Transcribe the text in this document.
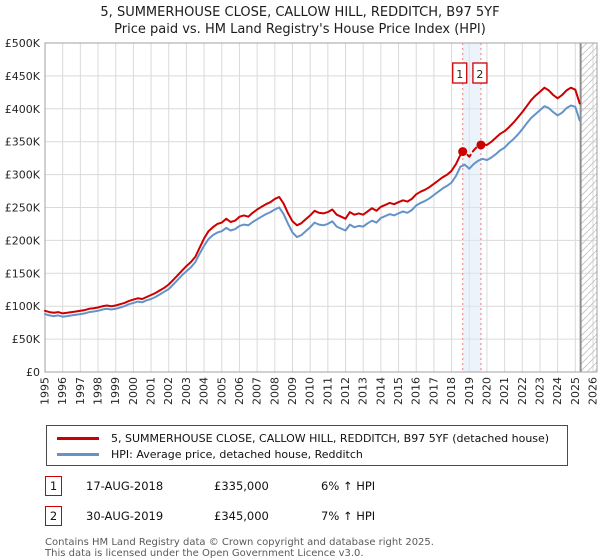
1995 1996 1997 1998 1999 2000 2001 2002 2003 2004 2005 2006 2007 2008 2009 2010 2011 2012 2013 2014 2015 2016 2017 2018 2019 2020 2021 2022 2023 2024 2025 2026
£0
£50K
£100K
£150K
£200K
£250K
£300K
£350K
£400K
£450K
£500K
1 2
5, SUMMERHOUSE CLOSE, CALLOW HILL, REDDITCH, B97 5YF
Price paid vs. HM Land Registry's House Price Index (HPI)
5, SUMMERHOUSE CLOSE, CALLOW HILL, REDDITCH, B97 5YF (detached house)
HPI: Average price, detached house, Redditch
1	17-AUG-2018	£335,000	6% ↑ HPI
2	30-AUG-2019	£345,000	7% ↑ HPI
Contains HM Land Registry data © Crown copyright and database right 2025.
This data is licensed under the Open Government Licence v3.0.
